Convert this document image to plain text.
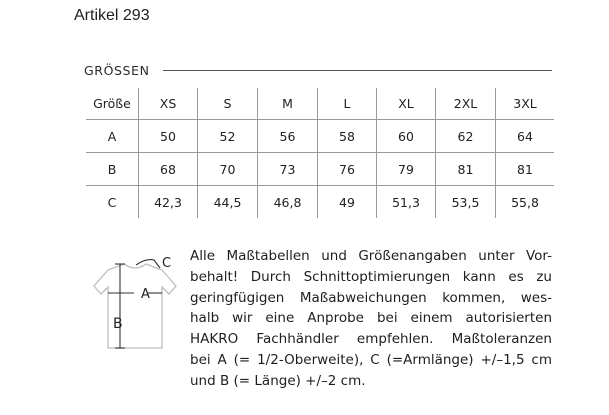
Artikel 293
GRÖSSEN
Größe	XS	S	M	L	XL	2XL	3XL
A	50	52	56	58	60	62	64
B	68	70	73	76	79	81	81
C	42,3	44,5	46,8	49	51,3	53,5	55,8
A
B
C Alle Maßtabellen und Größenangaben unter Vor-
behalt! Durch Schnittoptimierungen kann es zu
geringfügigen Maßabweichungen kommen, wes-
halb wir eine Anprobe bei einem autorisierten
HAKRO Fachhändler empfehlen. Maßtoleranzen
bei A (= 1/2-Oberweite), C (=Armlänge) +/–1,5 cm
und B (= Länge) +/–2 cm.
